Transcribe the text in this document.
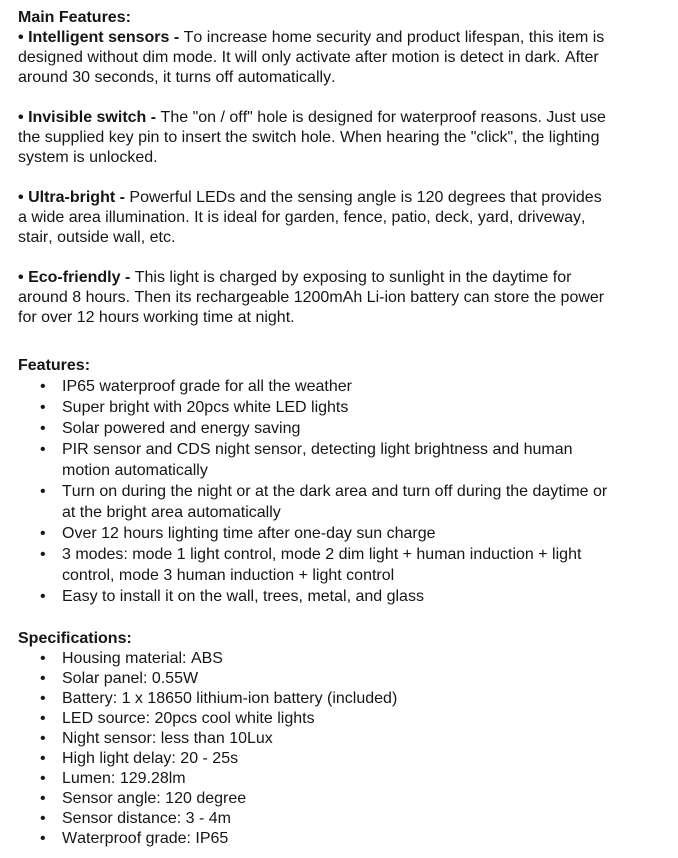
Main Features:

• Intelligent sensors - To increase home security and product lifespan, this item is designed without dim mode. It will only activate after motion is detect in dark. After around 30 seconds, it turns off automatically.

• Invisible switch - The "on / off" hole is designed for waterproof reasons. Just use the supplied key pin to insert the switch hole. When hearing the "click", the lighting system is unlocked.

• Ultra-bright - Powerful LEDs and the sensing angle is 120 degrees that provides a wide area illumination. It is ideal for garden, fence, patio, deck, yard, driveway, stair, outside wall, etc.

• Eco-friendly - This light is charged by exposing to sunlight in the daytime for around 8 hours. Then its rechargeable 1200mAh Li-ion battery can store the power for over 12 hours working time at night.

Features:
•	IP65 waterproof grade for all the weather
•	Super bright with 20pcs white LED lights
•	Solar powered and energy saving
•	PIR sensor and CDS night sensor, detecting light brightness and human motion automatically
•	Turn on during the night or at the dark area and turn off during the daytime or at the bright area automatically
•	Over 12 hours lighting time after one-day sun charge
•	3 modes: mode 1 light control, mode 2 dim light + human induction + light control, mode 3 human induction + light control
•	Easy to install it on the wall, trees, metal, and glass
Specifications:
•	Housing material: ABS
•	Solar panel: 0.55W
•	Battery: 1 x 18650 lithium-ion battery (included)
•	LED source: 20pcs cool white lights
•	Night sensor: less than 10Lux
•	High light delay: 20 - 25s
•	Lumen: 129.28lm
•	Sensor angle: 120 degree
•	Sensor distance: 3 - 4m
•	Waterproof grade: IP65
